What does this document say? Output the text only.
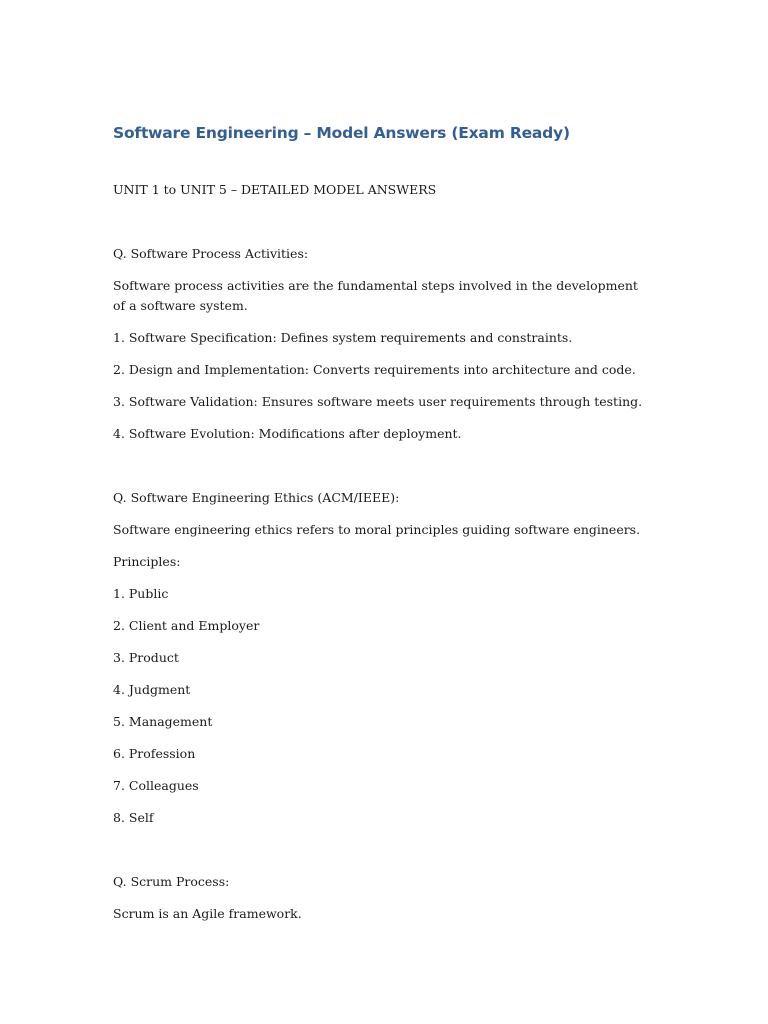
Software Engineering – Model Answers (Exam Ready)

UNIT 1 to UNIT 5 – DETAILED MODEL ANSWERS

Q. Software Process Activities:

Software process activities are the fundamental steps involved in the development of a software system.

1. Software Specification: Defines system requirements and constraints.

2. Design and Implementation: Converts requirements into architecture and code.

3. Software Validation: Ensures software meets user requirements through testing.

4. Software Evolution: Modifications after deployment.

Q. Software Engineering Ethics (ACM/IEEE):

Software engineering ethics refers to moral principles guiding software engineers.

Principles:

1. Public

2. Client and Employer

3. Product

4. Judgment

5. Management

6. Profession

7. Colleagues

8. Self

Q. Scrum Process:

Scrum is an Agile framework.
